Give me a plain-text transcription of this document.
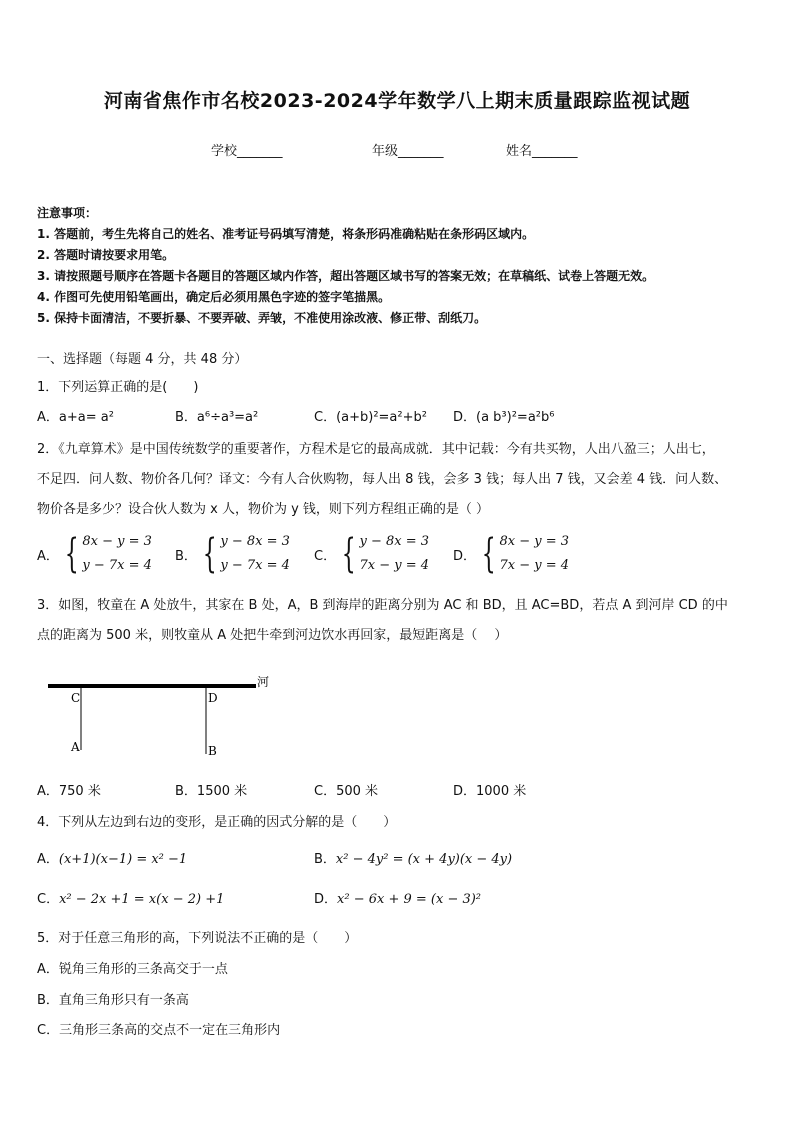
河南省焦作市名校2023-2024学年数学八上期末质量跟踪监视试题
学校_______	年级_______	姓名_______
注意事项：
1. 答题前，考生先将自己的姓名、准考证号码填写清楚，将条形码准确粘贴在条形码区域内。
2. 答题时请按要求用笔。
3. 请按照题号顺序在答题卡各题目的答题区域内作答，超出答题区域书写的答案无效；在草稿纸、试卷上答题无效。
4. 作图可先使用铅笔画出，确定后必须用黑色字迹的签字笔描黑。
5. 保持卡面清洁，不要折暴、不要弄破、弄皱，不准使用涂改液、修正带、刮纸刀。
一、选择题（每题 4 分，共 48 分）
1．下列运算正确的是(　　)
A．a+a= a²	B．a⁶÷a³=a²	C．(a+b)²=a²+b² D．(a b³)²=a²b⁶
2．《九章算术》是中国传统数学的重要著作，方程术是它的最高成就．其中记载：今有共买物，人出八盈三；人出七，
不足四．问人数、物价各几何？译文：今有人合伙购物，每人出 8 钱，会多 3 钱；每人出 7 钱，又会差 4 钱．问人数、
物价各是多少？设合伙人数为 x 人，物价为 y 钱，则下列方程组正确的是（ ）
A． { 8x − y = 3
y − 7x = 4
B． { y − 8x = 3
y − 7x = 4
C． { y − 8x = 3
7x − y = 4
D． { 8x − y = 3
7x − y = 4
3．如图，牧童在 A 处放牛，其家在 B 处，A，B 到海岸的距离分别为 AC 和 BD，且 AC=BD，若点 A 到河岸 CD 的中
点的距离为 500 米，则牧童从 A 处把牛牵到河边饮水再回家，最短距离是（　 ）
河
C	D
A	B
A．750 米	B．1500 米	C．500 米	D．1000 米
4．下列从左边到右边的变形，是正确的因式分解的是（　　）
A．(x+1)(x−1) = x² −1	B．x² − 4y² = (x + 4y)(x − 4y)
C．x² − 2x +1 = x(x − 2) +1	D．x² − 6x + 9 = (x − 3)²
5．对于任意三角形的高，下列说法不正确的是（　　）
A．锐角三角形的三条高交于一点
B．直角三角形只有一条高
C．三角形三条高的交点不一定在三角形内
